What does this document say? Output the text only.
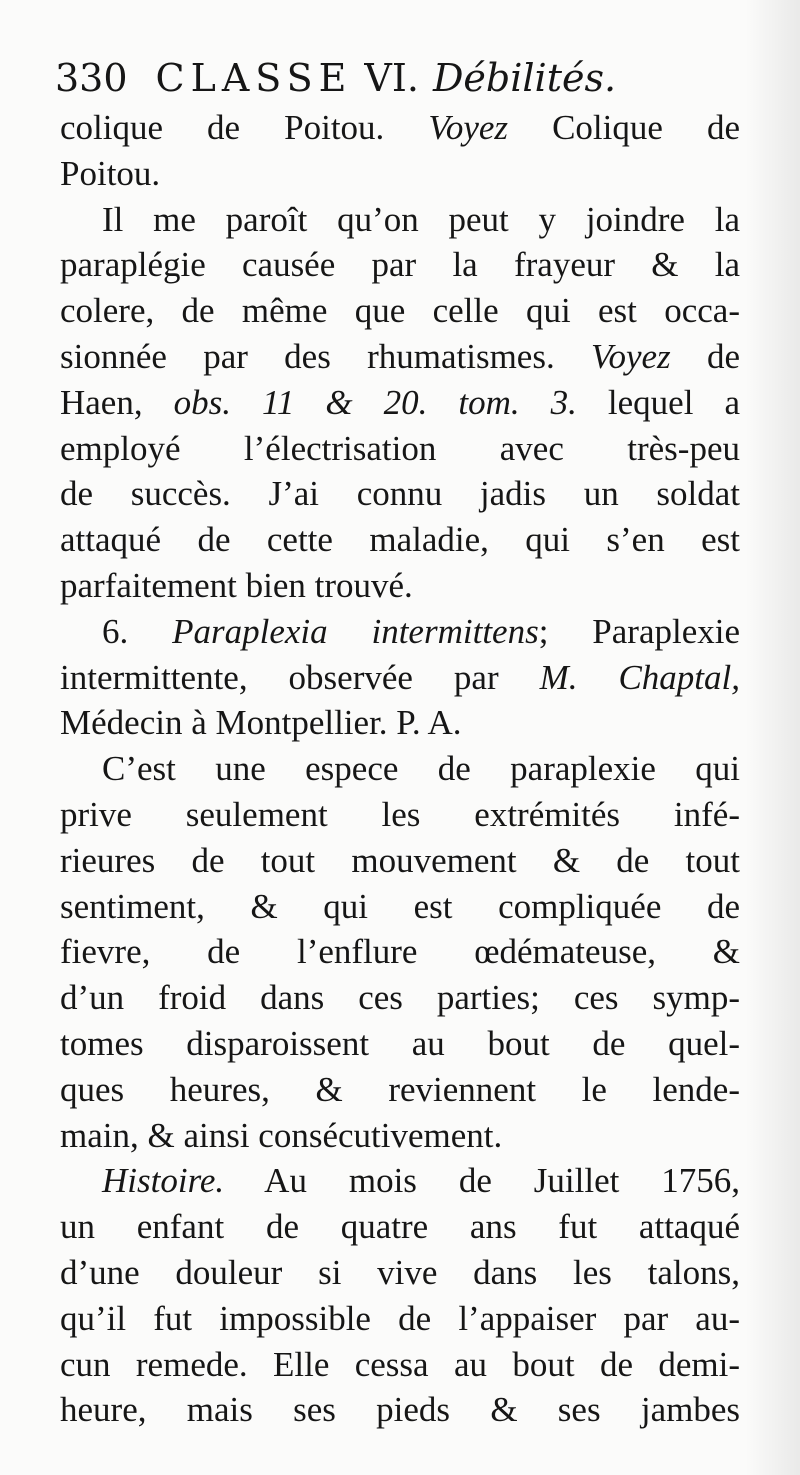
330 CLASSE VI. Débilités.

colique de Poitou. Voyez Colique de

Poitou.

Il me paroît qu’on peut y joindre la

paraplégie causée par la frayeur & la

colere, de même que celle qui est occa-

sionnée par des rhumatismes. Voyez de

Haen, obs. 11 & 20. tom. 3. lequel a

employé l’électrisation avec très-peu

de succès. J’ai connu jadis un soldat

attaqué de cette maladie, qui s’en est

parfaitement bien trouvé.

6. Paraplexia intermittens; Paraplexie

intermittente, observée par M. Chaptal,

Médecin à Montpellier. P. A.

C’est une espece de paraplexie qui

prive seulement les extrémités infé-

rieures de tout mouvement & de tout

sentiment, & qui est compliquée de

fievre, de l’enflure œdémateuse, &

d’un froid dans ces parties; ces symp-

tomes disparoissent au bout de quel-

ques heures, & reviennent le lende-

main, & ainsi consécutivement.

Histoire. Au mois de Juillet 1756,

un enfant de quatre ans fut attaqué

d’une douleur si vive dans les talons,

qu’il fut impossible de l’appaiser par au-

cun remede. Elle cessa au bout de demi-

heure, mais ses pieds & ses jambes
